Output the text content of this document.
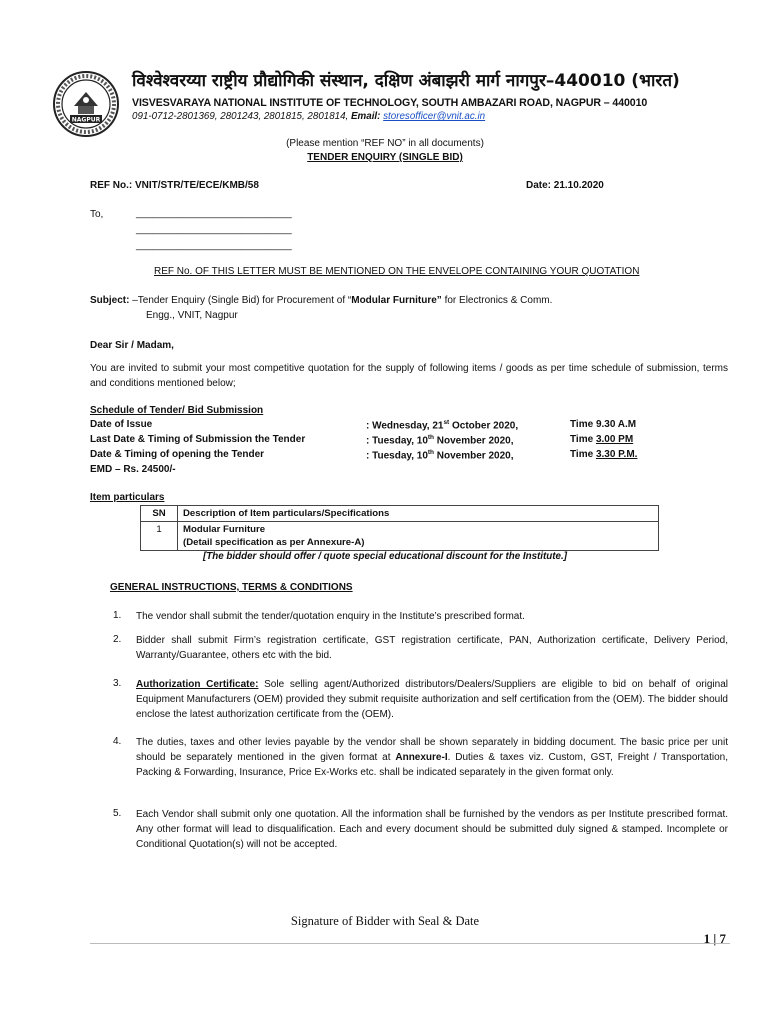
NAGPUR
विश्वेश्वरय्या राष्ट्रीय प्रौद्योगिकी संस्थान, दक्षिण अंबाझरी मार्ग नागपुर–440010 (भारत)
VISVESVARAYA NATIONAL INSTITUTE OF TECHNOLOGY, SOUTH AMBAZARI ROAD, NAGPUR – 440010
091-0712-2801369, 2801243, 2801815, 2801814, Email: storesofficer@vnit.ac.in
(Please mention “REF NO” in all documents)
TENDER ENQUIRY (SINGLE BID)
REF No.: VNIT/STR/TE/ECE/KMB/58	Date: 21.10.2020
To,	____________________________
____________________________
____________________________
REF No. OF THIS LETTER MUST BE MENTIONED ON THE ENVELOPE CONTAINING YOUR QUOTATION
Subject: –Tender Enquiry (Single Bid) for Procurement of “Modular Furniture” for Electronics & Comm.
Engg., VNIT, Nagpur
Dear Sir / Madam,
You are invited to submit your most competitive quotation for the supply of following items / goods as per time schedule of submission, terms and conditions mentioned below;
Schedule of Tender/ Bid Submission
Date of Issue	: Wednesday, 21st October 2020,	Time 9.30 A.M
Last Date & Timing of Submission the Tender	: Tuesday, 10th November 2020,	Time 3.00 PM
Date & Timing of opening the Tender	: Tuesday, 10th November 2020,	Time 3.30 P.M.
EMD – Rs. 24500/-
Item particulars
SN	Description of Item particulars/Specifications
1	Modular Furniture
(Detail specification as per Annexure-A)
[The bidder should offer / quote special educational discount for the Institute.]
GENERAL INSTRUCTIONS, TERMS & CONDITIONS
1. The vendor shall submit the tender/quotation enquiry in the Institute’s prescribed format.
2. Bidder shall submit Firm’s registration certificate, GST registration certificate, PAN, Authorization certificate, Delivery Period, Warranty/Guarantee, others etc with the bid.
3. Authorization Certificate: Sole selling agent/Authorized distributors/Dealers/Suppliers are eligible to bid on behalf of original Equipment Manufacturers (OEM) provided they submit requisite authorization and self certification from the (OEM). The bidder should enclose the latest authorization certificate from the (OEM).
4. The duties, taxes and other levies payable by the vendor shall be shown separately in bidding document. The basic price per unit should be separately mentioned in the given format at Annexure-I. Duties & taxes viz. Custom, GST, Freight / Transportation, Packing & Forwarding, Insurance, Price Ex-Works etc. shall be indicated separately in the given format only.
5. Each Vendor shall submit only one quotation. All the information shall be furnished by the vendors as per Institute prescribed format. Any other format will lead to disqualification. Each and every document should be submitted duly signed & stamped. Incomplete or Conditional Quotation(s) will not be accepted.
Signature of Bidder with Seal & Date
1 | 7
